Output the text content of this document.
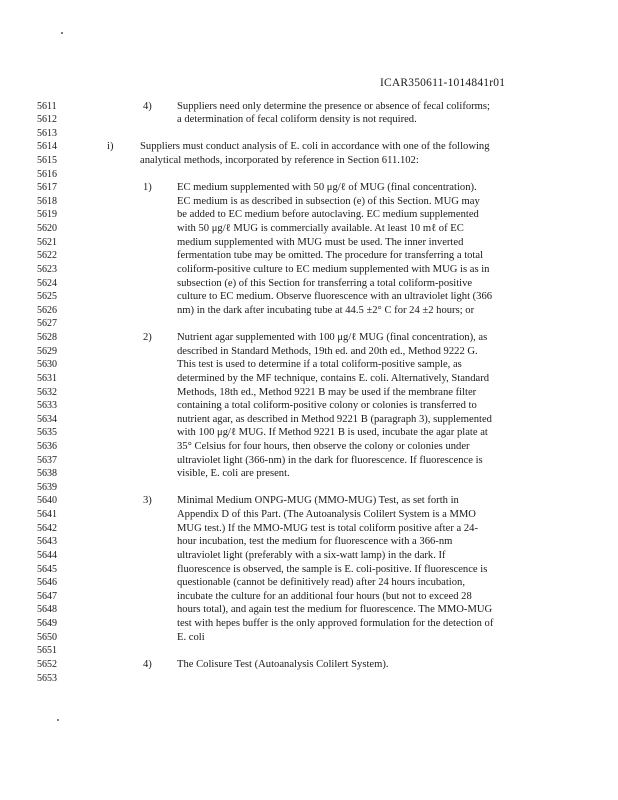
ICAR350611-1014841r01
5611	4) Suppliers need only determine the presence or absence of fecal coliforms;
5612	a determination of fecal coliform density is not required.
5613
5614	i)	Suppliers must conduct analysis of E. coli in accordance with one of the following
5615	analytical methods, incorporated by reference in Section 611.102:
5616
5617	1) EC medium supplemented with 50 μg/ℓ of MUG (final concentration).
5618	EC medium is as described in subsection (e) of this Section. MUG may
5619	be added to EC medium before autoclaving. EC medium supplemented
5620	with 50 μg/ℓ MUG is commercially available. At least 10 mℓ of EC
5621	medium supplemented with MUG must be used. The inner inverted
5622	fermentation tube may be omitted. The procedure for transferring a total
5623	coliform-positive culture to EC medium supplemented with MUG is as in
5624	subsection (e) of this Section for transferring a total coliform-positive
5625	culture to EC medium. Observe fluorescence with an ultraviolet light (366
5626	nm) in the dark after incubating tube at 44.5 ±2° C for 24 ±2 hours; or
5627
5628	2) Nutrient agar supplemented with 100 μg/ℓ MUG (final concentration), as
5629	described in Standard Methods, 19th ed. and 20th ed., Method 9222 G.
5630	This test is used to determine if a total coliform-positive sample, as
5631	determined by the MF technique, contains E. coli. Alternatively, Standard
5632	Methods, 18th ed., Method 9221 B may be used if the membrane filter
5633	containing a total coliform-positive colony or colonies is transferred to
5634	nutrient agar, as described in Method 9221 B (paragraph 3), supplemented
5635	with 100 μg/ℓ MUG. If Method 9221 B is used, incubate the agar plate at
5636	35° Celsius for four hours, then observe the colony or colonies under
5637	ultraviolet light (366-nm) in the dark for fluorescence. If fluorescence is
5638	visible, E. coli are present.
5639
5640	3) Minimal Medium ONPG-MUG (MMO-MUG) Test, as set forth in
5641	Appendix D of this Part. (The Autoanalysis Colilert System is a MMO
5642	MUG test.) If the MMO-MUG test is total coliform positive after a 24-
5643	hour incubation, test the medium for fluorescence with a 366-nm
5644	ultraviolet light (preferably with a six-watt lamp) in the dark. If
5645	fluorescence is observed, the sample is E. coli-positive. If fluorescence is
5646	questionable (cannot be definitively read) after 24 hours incubation,
5647	incubate the culture for an additional four hours (but not to exceed 28
5648	hours total), and again test the medium for fluorescence. The MMO-MUG
5649	test with hepes buffer is the only approved formulation for the detection of
5650	E. coli
5651
5652	4) The Colisure Test (Autoanalysis Colilert System).
5653
